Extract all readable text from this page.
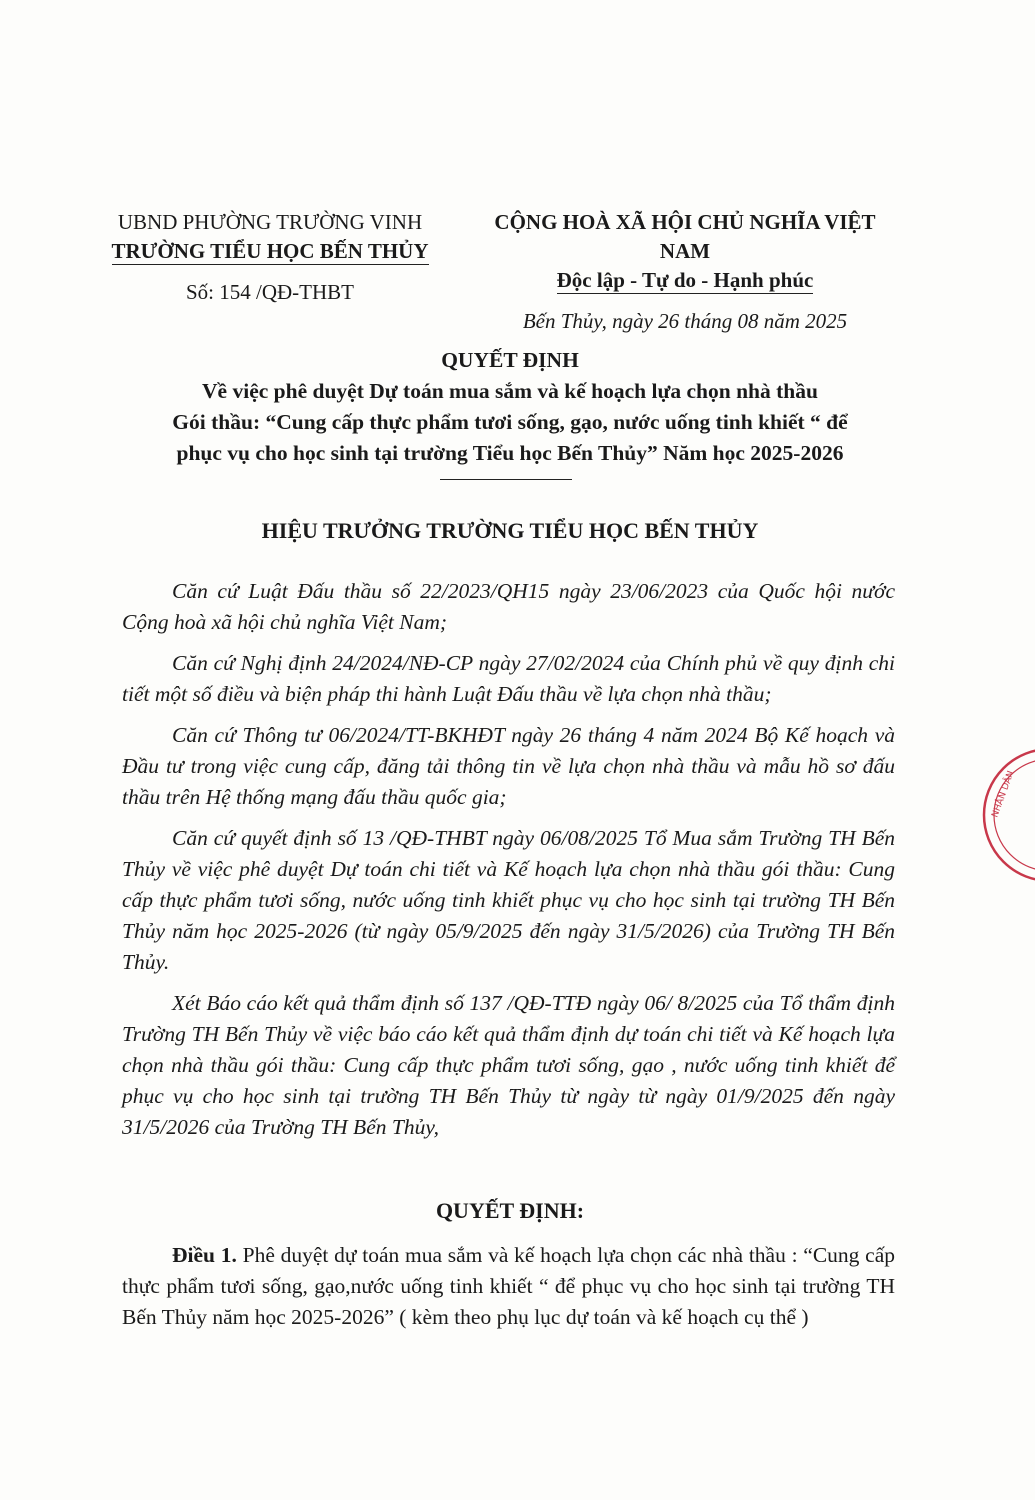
UBND PHƯỜNG TRƯỜNG VINH
TRƯỜNG TIỂU HỌC BẾN THỦY
Số: 154 /QĐ-THBT
CỘNG HOÀ XÃ HỘI CHỦ NGHĨA VIỆT NAM
Độc lập - Tự do - Hạnh phúc
Bến Thủy, ngày 26 tháng 08 năm 2025
QUYẾT ĐỊNH
Về việc phê duyệt Dự toán mua sắm và kế hoạch lựa chọn nhà thầu
Gói thầu: “Cung cấp thực phẩm tươi sống, gạo, nước uống tinh khiết “ để
phục vụ cho học sinh tại trường Tiểu học Bến Thủy” Năm học 2025-2026
HIỆU TRƯỞNG TRƯỜNG TIỂU HỌC BẾN THỦY

Căn cứ Luật Đấu thầu số 22/2023/QH15 ngày 23/06/2023 của Quốc hội nước Cộng hoà xã hội chủ nghĩa Việt Nam;

Căn cứ Nghị định 24/2024/NĐ-CP ngày 27/02/2024 của Chính phủ về quy định chi tiết một số điều và biện pháp thi hành Luật Đấu thầu về lựa chọn nhà thầu;

Căn cứ Thông tư 06/2024/TT-BKHĐT ngày 26 tháng 4 năm 2024 Bộ Kế hoạch và Đầu tư trong việc cung cấp, đăng tải thông tin về lựa chọn nhà thầu và mẫu hồ sơ đấu thầu trên Hệ thống mạng đấu thầu quốc gia;

Căn cứ quyết định số 13 /QĐ-THBT ngày 06/08/2025 Tổ Mua sắm Trường TH Bến Thủy về việc phê duyệt Dự toán chi tiết và Kế hoạch lựa chọn nhà thầu gói thầu: Cung cấp thực phẩm tươi sống, nước uống tinh khiết phục vụ cho học sinh tại trường TH Bến Thủy năm học 2025-2026 (từ ngày 05/9/2025 đến ngày 31/5/2026) của Trường TH Bến Thủy.

Xét Báo cáo kết quả thẩm định số 137 /QĐ-TTĐ ngày 06/ 8/2025 của Tổ thẩm định Trường TH Bến Thủy về việc báo cáo kết quả thẩm định dự toán chi tiết và Kế hoạch lựa chọn nhà thầu gói thầu: Cung cấp thực phẩm tươi sống, gạo , nước uống tinh khiết để phục vụ cho học sinh tại trường TH Bến Thủy từ ngày từ ngày 01/9/2025 đến ngày 31/5/2026 của Trường TH Bến Thủy,

QUYẾT ĐỊNH:

Điều 1. Phê duyệt dự toán mua sắm và kế hoạch lựa chọn các nhà thầu : “Cung cấp thực phẩm tươi sống, gạo,nước uống tinh khiết “ để phục vụ cho học sinh tại trường TH Bến Thủy năm học 2025-2026” ( kèm theo phụ lục dự toán và kế hoạch cụ thể )

NHÂN DÂN
